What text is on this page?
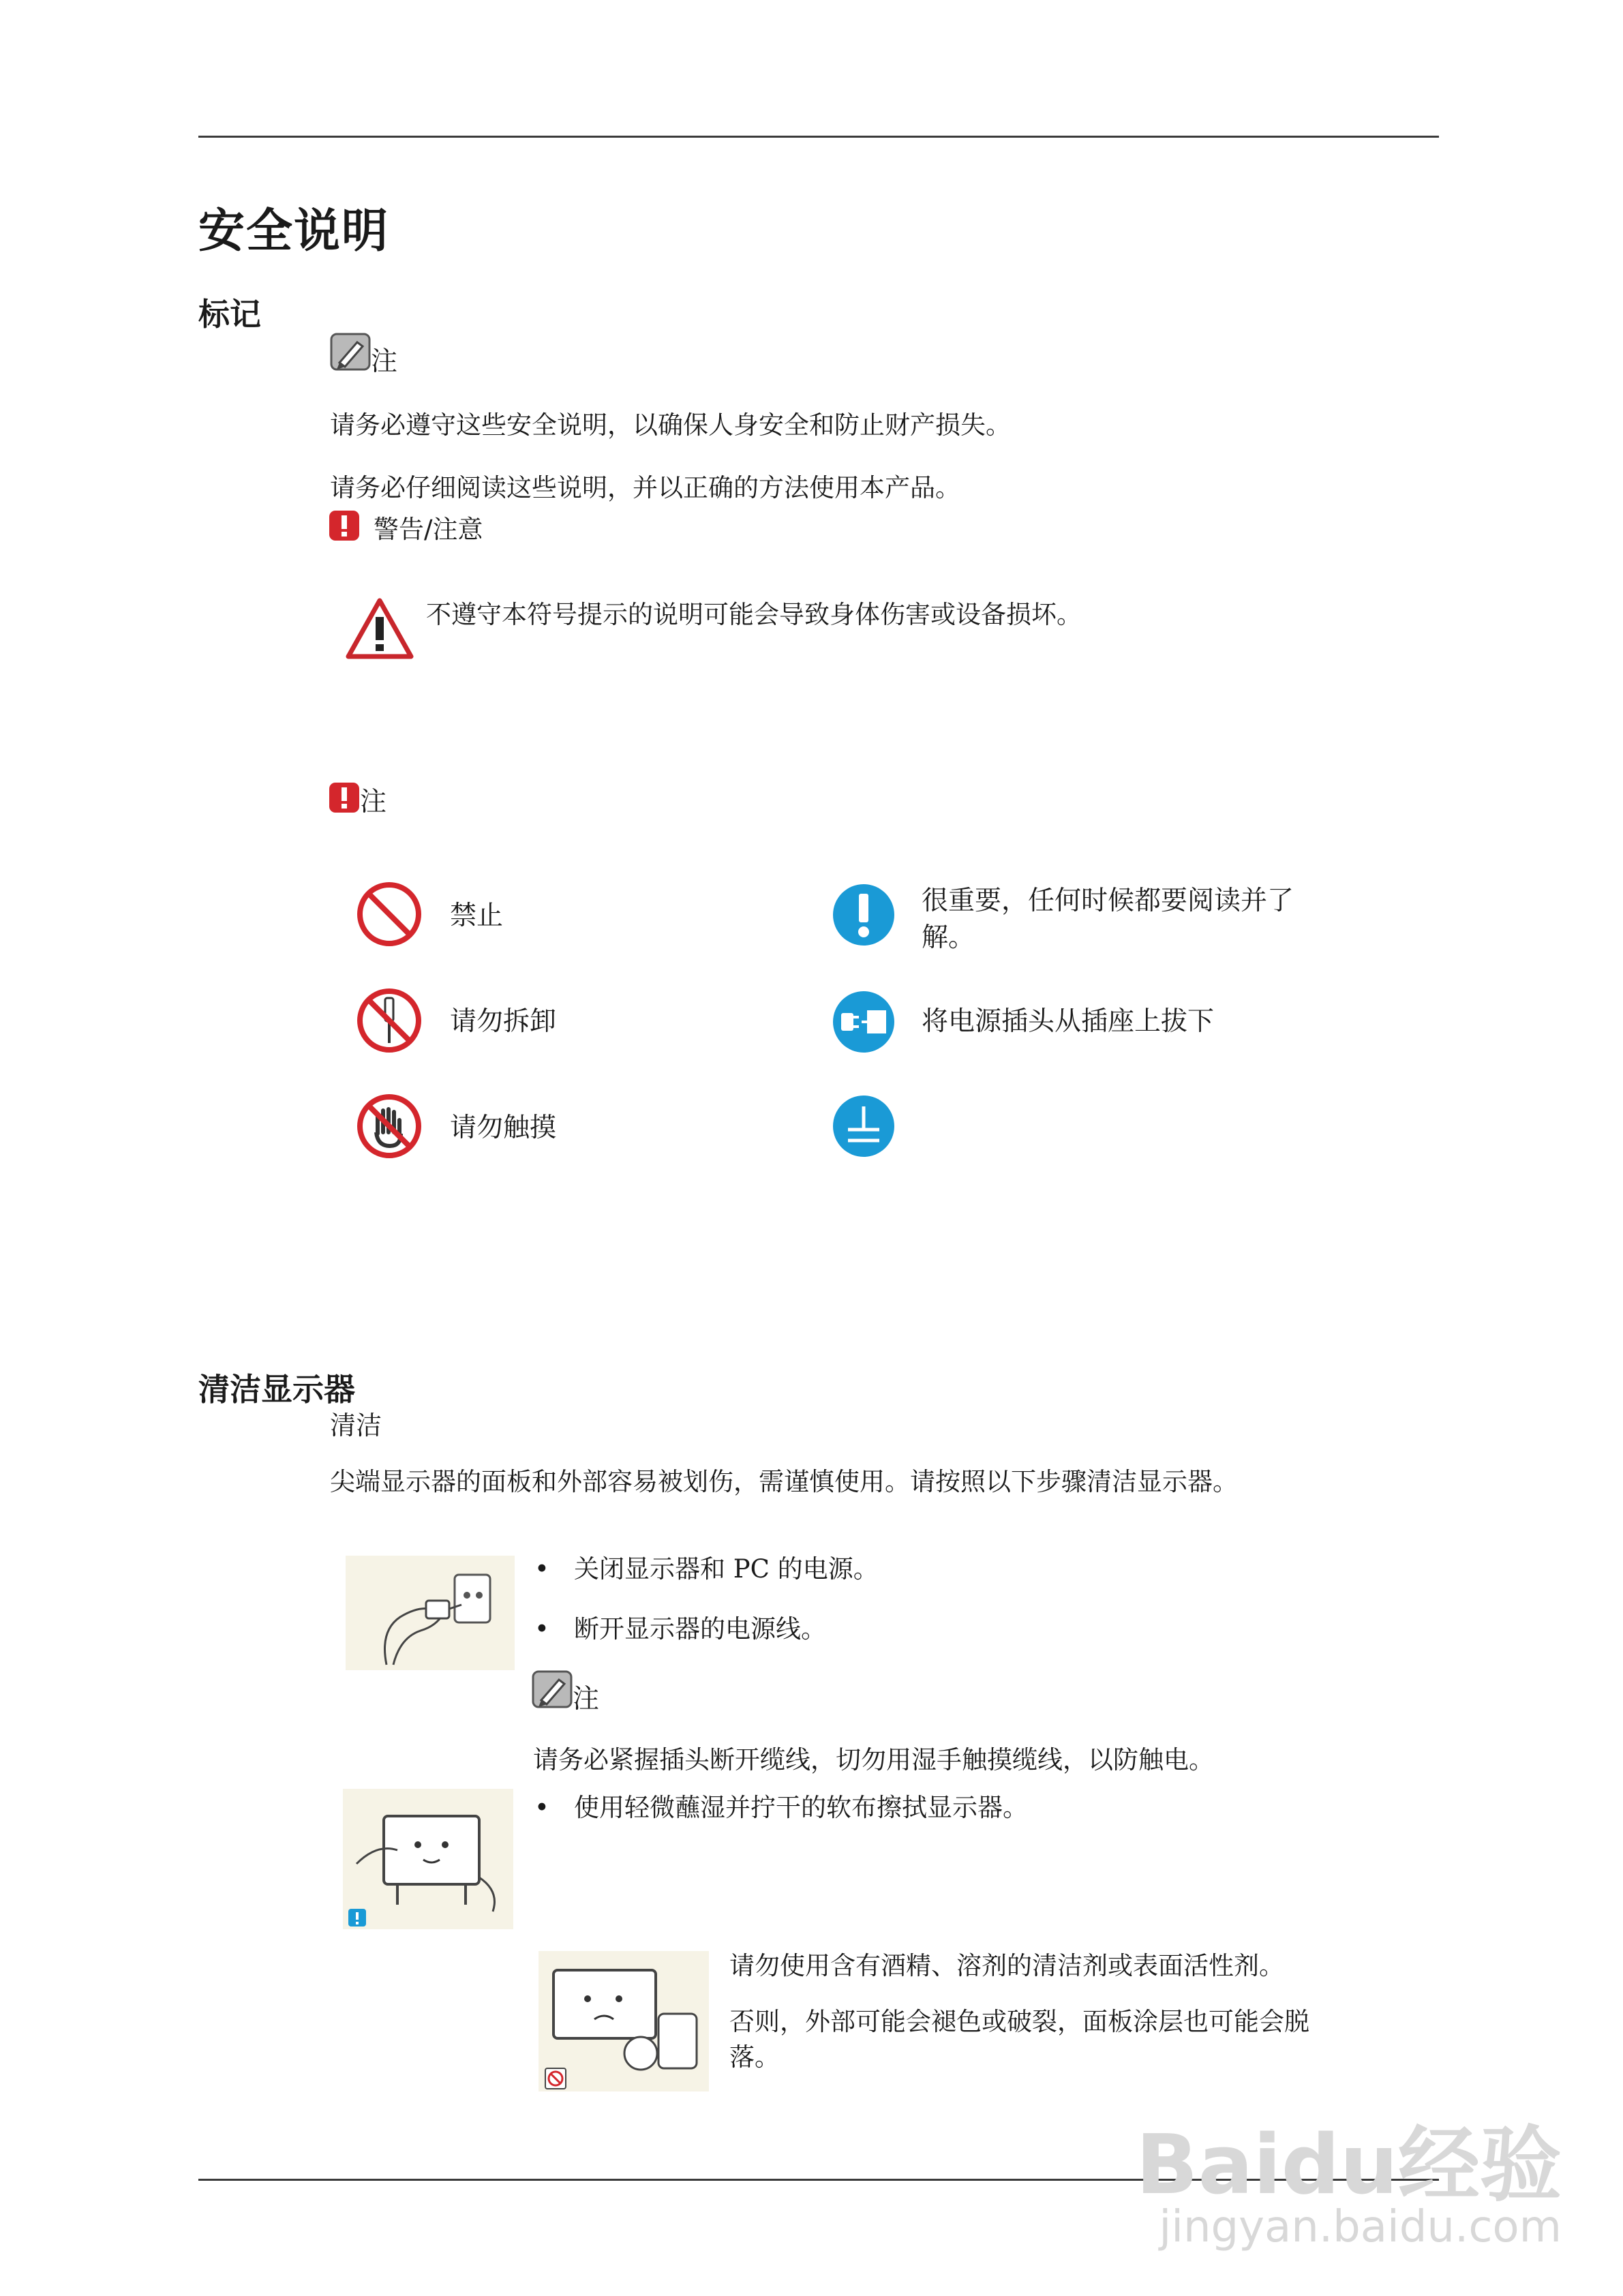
安全说明
标记
注
请务必遵守这些安全说明，以确保人身安全和防止财产损失。
请务必仔细阅读这些说明，并以正确的方法使用本产品。
警告/注意
不遵守本符号提示的说明可能会导致身体伤害或设备损坏。
注
禁止	很重要，任何时候都要阅读并了解。
请勿拆卸	将电源插头从插座上拔下
请勿触摸
清洁显示器
清洁
尖端显示器的面板和外部容易被划伤，需谨慎使用。请按照以下步骤清洁显示器。
• 关闭显示器和 PC 的电源。
• 断开显示器的电源线。
注
请务必紧握插头断开缆线，切勿用湿手触摸缆线，以防触电。
• 使用轻微蘸湿并拧干的软布擦拭显示器。
请勿使用含有酒精、溶剂的清洁剂或表面活性剂。
否则，外部可能会褪色或破裂，面板涂层也可能会脱落。
Baidu经验
jingyan.baidu.com
